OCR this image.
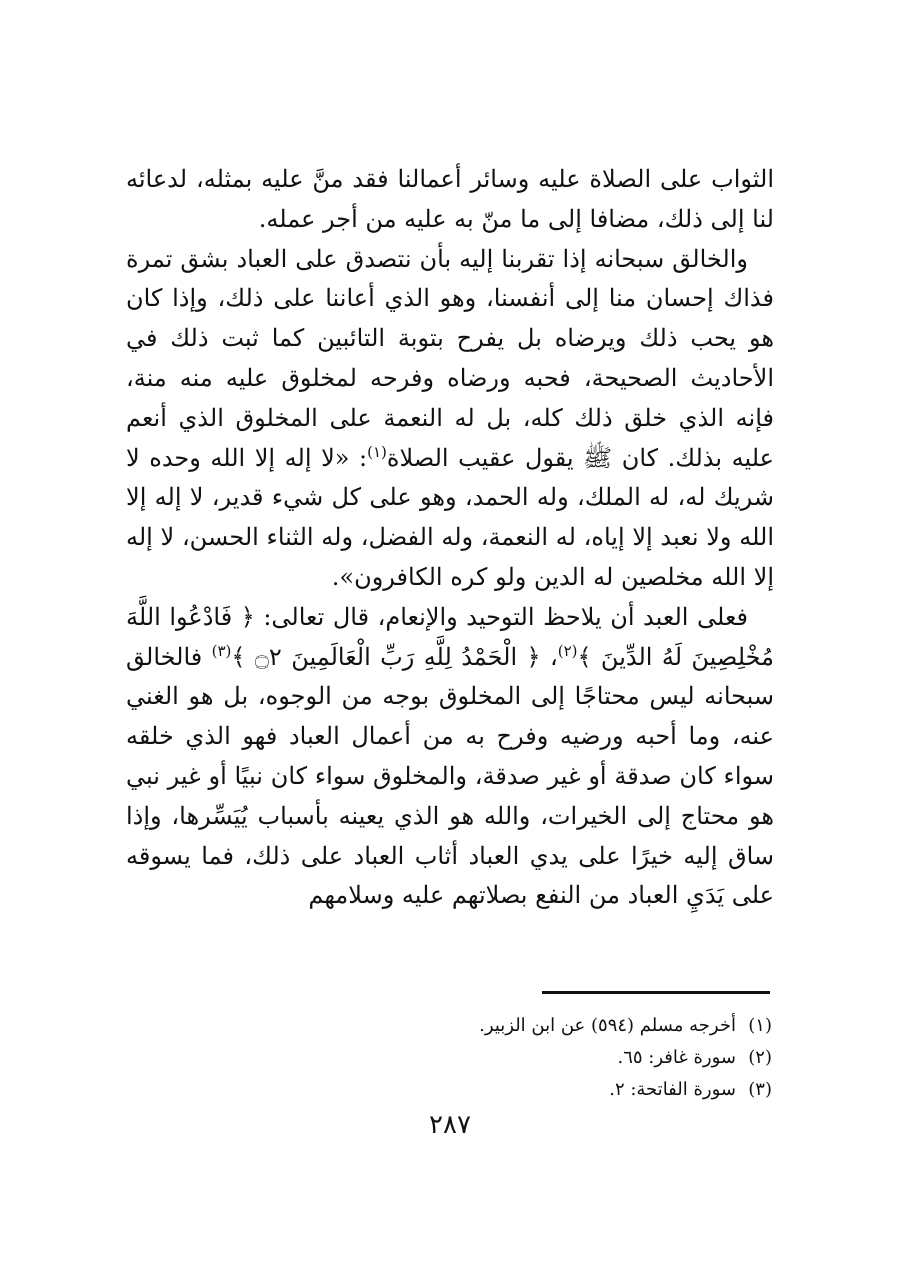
الثواب على الصلاة عليه وسائر أعمالنا فقد منَّ عليه بمثله، لدعائه لنا إلى ذلك، مضافا إلى ما منّ به عليه من أجر عمله.

والخالق سبحانه إذا تقربنا إليه بأن نتصدق على العباد بشق تمرة فذاك إحسان منا إلى أنفسنا، وهو الذي أعاننا على ذلك، وإذا كان هو يحب ذلك ويرضاه بل يفرح بتوبة التائبين كما ثبت ذلك في الأحاديث الصحيحة، فحبه ورضاه وفرحه لمخلوق عليه منه منة، فإنه الذي خلق ذلك كله، بل له النعمة على المخلوق الذي أنعم عليه بذلك. كان ﷺ يقول عقيب الصلاة$^{(١)}$: «لا إله إلا الله وحده لا شريك له، له الملك، وله الحمد، وهو على كل شيء قدير، لا إله إلا الله ولا نعبد إلا إياه، له النعمة، وله الفضل، وله الثناء الحسن، لا إله إلا الله مخلصين له الدين ولو كره الكافرون».

فعلى العبد أن يلاحظ التوحيد والإنعام، قال تعالى: ﴿ فَادْعُوا اللَّهَ مُخْلِصِينَ لَهُ الدِّينَ ﴾$^{(٢)}$، ﴿ الْحَمْدُ لِلَّهِ رَبِّ الْعَالَمِينَ ۝٢ ﴾$^{(٣)}$ فالخالق سبحانه ليس محتاجًا إلى المخلوق بوجه من الوجوه، بل هو الغني عنه، وما أحبه ورضيه وفرح به من أعمال العباد فهو الذي خلقه سواء كان صدقة أو غير صدقة، والمخلوق سواء كان نبيًا أو غير نبي هو محتاج إلى الخيرات، والله هو الذي يعينه بأسباب يُيَسِّرها، وإذا ساق إليه خيرًا على يدي العباد أثاب العباد على ذلك، فما يسوقه على يَدَيِ العباد من النفع بصلاتهم عليه وسلامهم

(١)أخرجه مسلم (٥٩٤) عن ابن الزبير.

(٢)سورة غافر: ٦٥.

(٣)سورة الفاتحة: ٢.

٢٨٧
